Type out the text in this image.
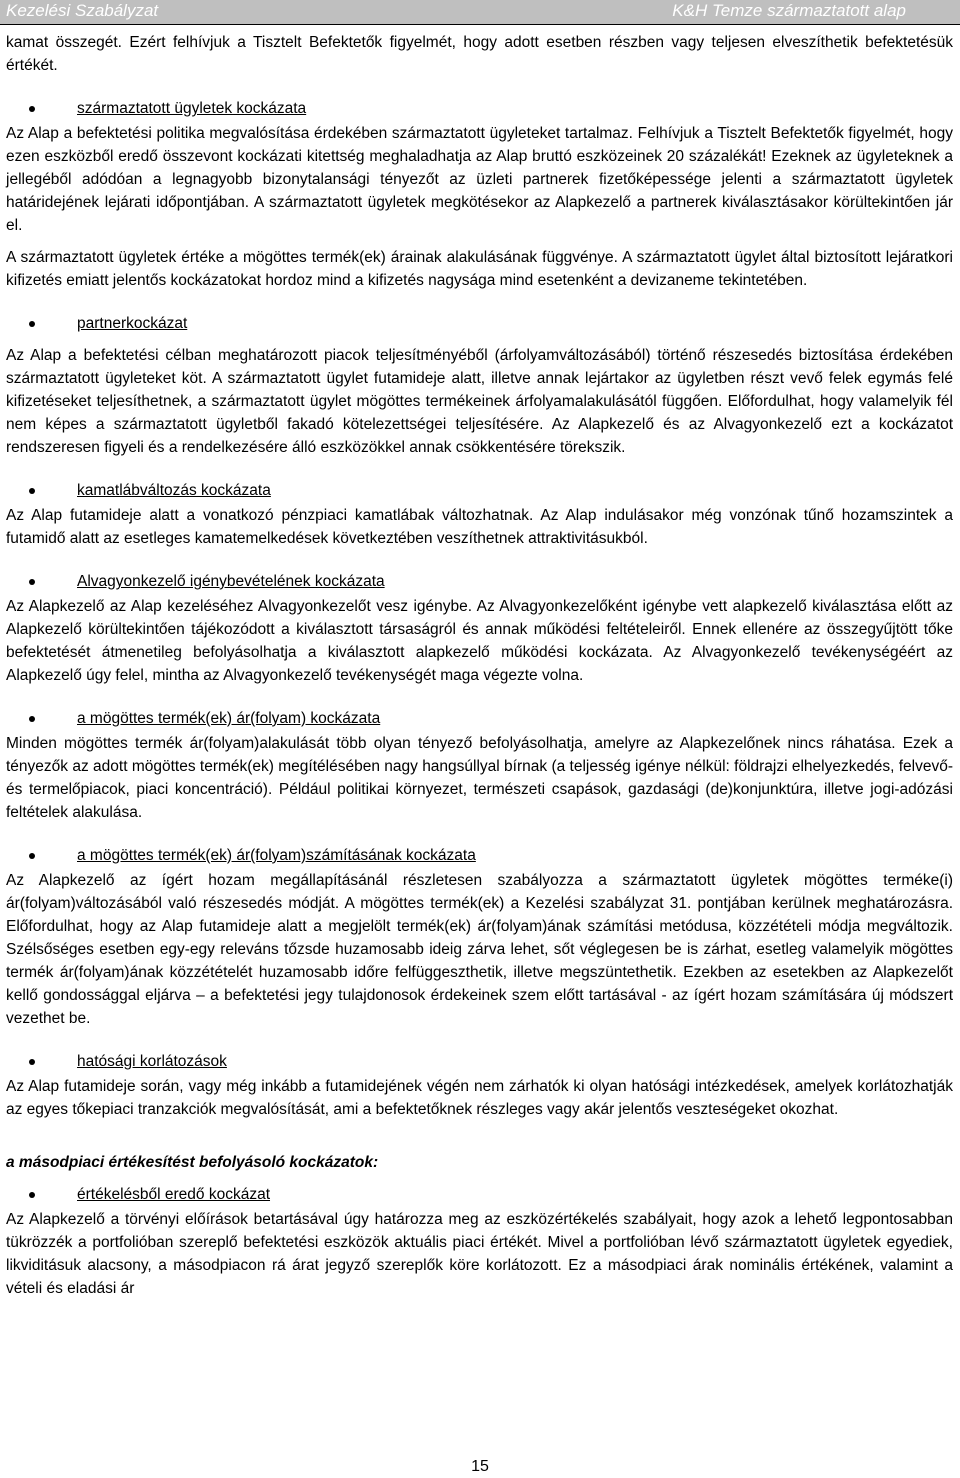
Kezelési Szabályzat	K&H Temze származtatott alap

kamat összegét. Ezért felhívjuk a Tisztelt Befektetők figyelmét, hogy adott esetben részben vagy teljesen elveszíthetik befektetésük értékét.

származtatott ügyletek kockázata

Az Alap a befektetési politika megvalósítása érdekében származtatott ügyleteket tartalmaz. Felhívjuk a Tisztelt Befektetők figyelmét, hogy ezen eszközből eredő összevont kockázati kitettség meghaladhatja az Alap bruttó eszközeinek 20 százalékát! Ezeknek az ügyleteknek a jellegéből adódóan a legnagyobb bizonytalansági tényezőt az üzleti partnerek fizetőképessége jelenti a származtatott ügyletek határidejének lejárati időpontjában. A származtatott ügyletek megkötésekor az Alapkezelő a partnerek kiválasztásakor körültekintően jár el.

A származtatott ügyletek értéke a mögöttes termék(ek) árainak alakulásának függvénye. A származtatott ügylet által biztosított lejáratkori kifizetés emiatt jelentős kockázatokat hordoz mind a kifizetés nagysága mind esetenként a devizaneme tekintetében.

partnerkockázat

Az Alap a befektetési célban meghatározott piacok teljesítményéből (árfolyamváltozásából) történő részesedés biztosítása érdekében származtatott ügyleteket köt. A származtatott ügylet futamideje alatt, illetve annak lejártakor az ügyletben részt vevő felek egymás felé kifizetéseket teljesíthetnek, a származtatott ügylet mögöttes termékeinek árfolyamalakulásától függően. Előfordulhat, hogy valamelyik fél nem képes a származtatott ügyletből fakadó kötelezettségei teljesítésére. Az Alapkezelő és az Alvagyonkezelő ezt a kockázatot rendszeresen figyeli és a rendelkezésére álló eszközökkel annak csökkentésére törekszik.

kamatlábváltozás kockázata

Az Alap futamideje alatt a vonatkozó pénzpiaci kamatlábak változhatnak. Az Alap indulásakor még vonzónak tűnő hozamszintek a futamidő alatt az esetleges kamatemelkedések következtében veszíthetnek attraktivitásukból.

Alvagyonkezelő igénybevételének kockázata

Az Alapkezelő az Alap kezeléséhez Alvagyonkezelőt vesz igénybe. Az Alvagyonkezelőként igénybe vett alapkezelő kiválasztása előtt az Alapkezelő körültekintően tájékozódott a kiválasztott társaságról és annak működési feltételeiről. Ennek ellenére az összegyűjtött tőke befektetését átmenetileg befolyásolhatja a kiválasztott alapkezelő működési kockázata. Az Alvagyonkezelő tevékenységéért az Alapkezelő úgy felel, mintha az Alvagyonkezelő tevékenységét maga végezte volna.

a mögöttes termék(ek) ár(folyam) kockázata

Minden mögöttes termék ár(folyam)alakulását több olyan tényező befolyásolhatja, amelyre az Alapkezelőnek nincs ráhatása. Ezek a tényezők az adott mögöttes termék(ek) megítélésében nagy hangsúllyal bírnak (a teljesség igénye nélkül: földrajzi elhelyezkedés, felvevő- és termelőpiacok, piaci koncentráció). Például politikai környezet, természeti csapások, gazdasági (de)konjunktúra, illetve jogi-adózási feltételek alakulása.

a mögöttes termék(ek) ár(folyam)számításának kockázata

Az Alapkezelő az ígért hozam megállapításánál részletesen szabályozza a származtatott ügyletek mögöttes terméke(i) ár(folyam)változásából való részesedés módját. A mögöttes termék(ek) a Kezelési szabályzat 31. pontjában kerülnek meghatározásra. Előfordulhat, hogy az Alap futamideje alatt a megjelölt termék(ek) ár(folyam)ának számítási metódusa, közzétételi módja megváltozik. Szélsőséges esetben egy-egy releváns tőzsde huzamosabb ideig zárva lehet, sőt véglegesen be is zárhat, esetleg valamelyik mögöttes termék ár(folyam)ának közzétételét huzamosabb időre felfüggeszthetik, illetve megszüntethetik. Ezekben az esetekben az Alapkezelőt kellő gondossággal eljárva – a befektetési jegy tulajdonosok érdekeinek szem előtt tartásával - az ígért hozam számítására új módszert vezethet be.

hatósági korlátozások

Az Alap futamideje során, vagy még inkább a futamidejének végén nem zárhatók ki olyan hatósági intézkedések, amelyek korlátozhatják az egyes tőkepiaci tranzakciók megvalósítását, ami a befektetőknek részleges vagy akár jelentős veszteségeket okozhat.

a másodpiaci értékesítést befolyásoló kockázatok:

értékelésből eredő kockázat

Az Alapkezelő a törvényi előírások betartásával úgy határozza meg az eszközértékelés szabályait, hogy azok a lehető legpontosabban tükrözzék a portfolióban szereplő befektetési eszközök aktuális piaci értékét. Mivel a portfolióban lévő származtatott ügyletek egyediek, likviditásuk alacsony, a másodpiacon rá árat jegyző szereplők köre korlátozott. Ez a másodpiaci árak nominális értékének, valamint a vételi és eladási ár

15
